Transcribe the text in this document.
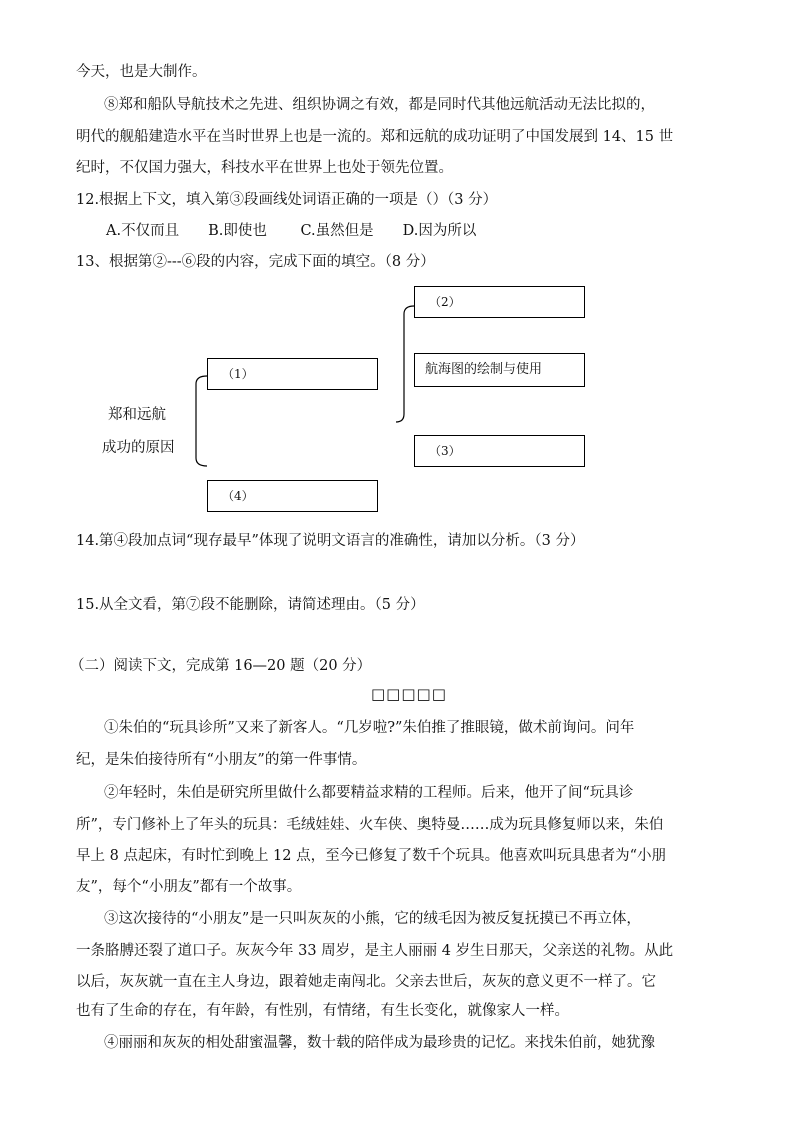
今天，也是大制作。
⑧郑和船队导航技术之先进、组织协调之有效，都是同时代其他远航活动无法比拟的，
明代的舰船建造水平在当时世界上也是一流的。郑和远航的成功证明了中国发展到 14、15 世
纪时，不仅国力强大，科技水平在世界上也处于领先位置。
12.根据上下文，填入第③段画线处词语正确的一项是（）（3 分）
A.不仅而且　　B.即使也　　 C.虽然但是　　D.因为所以
13、根据第②---⑥段的内容，完成下面的填空。（8 分）
郑和远航
成功的原因
（1）
（2）
航海图的绘制与使用
（3）
（4）
14.第④段加点词“现存最早”体现了说明文语言的准确性，请加以分析。（3 分）
15.从全文看，第⑦段不能删除，请简述理由。（5 分）
（二）阅读下文，完成第 16—20 题（20 分）
□□□□□
①朱伯的“玩具诊所”又来了新客人。“几岁啦?”朱伯推了推眼镜，做术前询问。问年
纪，是朱伯接待所有“小朋友”的第一件事情。
②年轻时，朱伯是研究所里做什么都要精益求精的工程师。后来，他开了间“玩具诊
所”，专门修补上了年头的玩具：毛绒娃娃、火车侠、奥特曼……成为玩具修复师以来，朱伯
早上 8 点起床，有时忙到晚上 12 点，至今已修复了数千个玩具。他喜欢叫玩具患者为“小朋
友”，每个“小朋友”都有一个故事。
③这次接待的“小朋友”是一只叫灰灰的小熊，它的绒毛因为被反复抚摸已不再立体，
一条胳膊还裂了道口子。灰灰今年 33 周岁，是主人丽丽 4 岁生日那天，父亲送的礼物。从此
以后，灰灰就一直在主人身边，跟着她走南闯北。父亲去世后，灰灰的意义更不一样了。它
也有了生命的存在，有年龄，有性别，有情绪，有生长变化，就像家人一样。
④丽丽和灰灰的相处甜蜜温馨，数十载的陪伴成为最珍贵的记忆。来找朱伯前，她犹豫
